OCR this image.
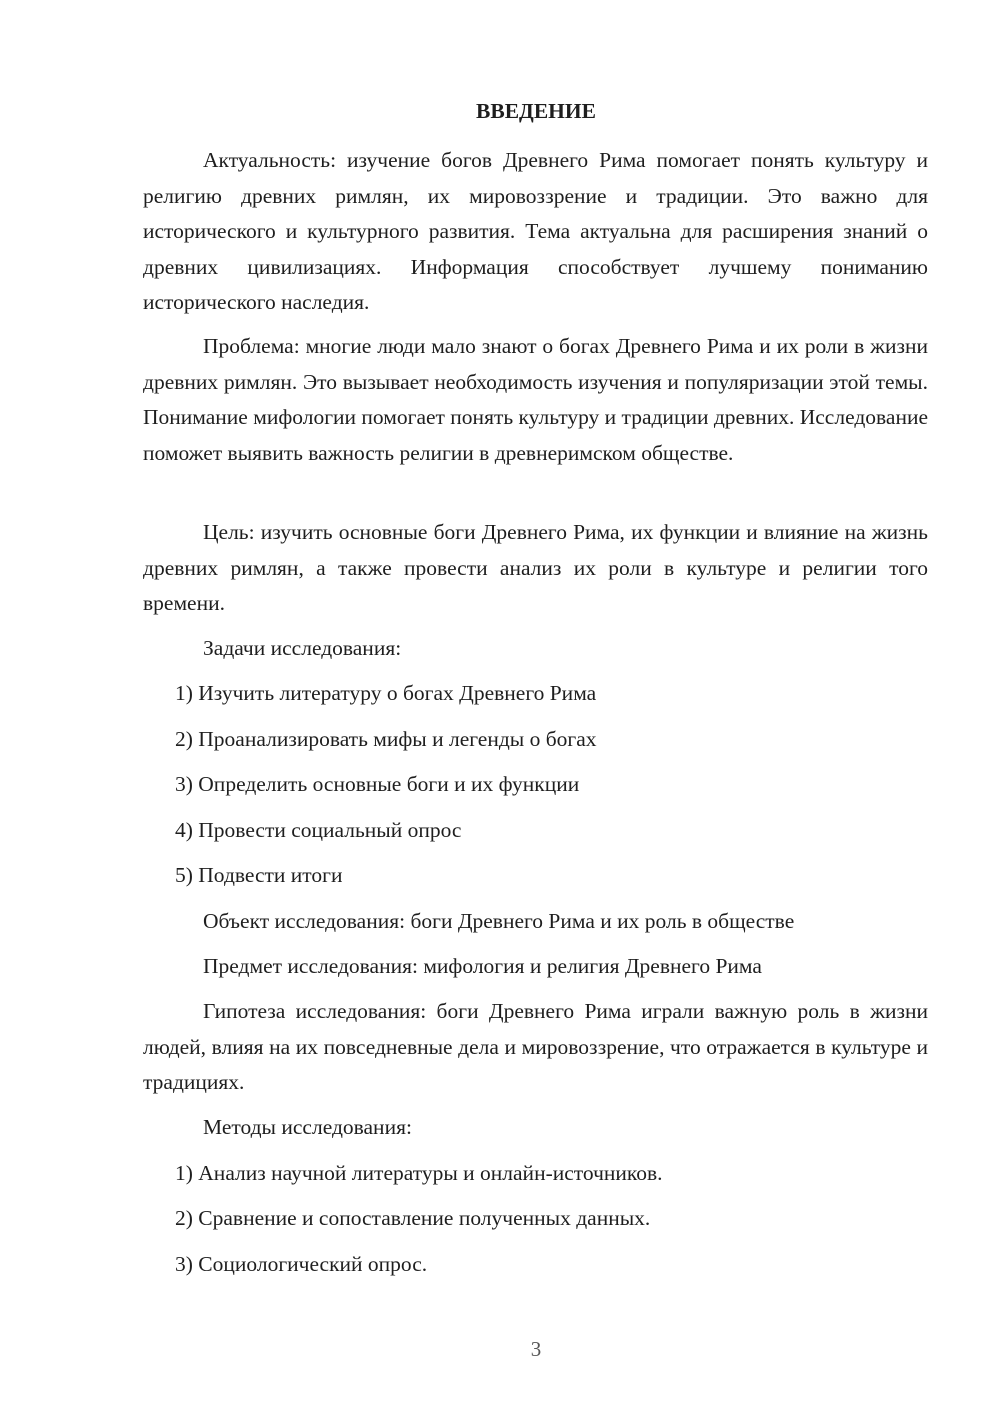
ВВЕДЕНИЕ

Актуальность: изучение богов Древнего Рима помогает понять культуру и религию древних римлян, их мировоззрение и традиции. Это важно для исторического и культурного развития. Тема актуальна для расширения знаний о древних цивилизациях. Информация способствует лучшему пониманию исторического наследия.

Проблема: многие люди мало знают о богах Древнего Рима и их роли в жизни древних римлян. Это вызывает необходимость изучения и популяризации этой темы. Понимание мифологии помогает понять культуру и традиции древних. Исследование поможет выявить важность религии в древнеримском обществе.

Цель: изучить основные боги Древнего Рима, их функции и влияние на жизнь древних римлян, а также провести анализ их роли в культуре и религии того времени.

Задачи исследования:

1) Изучить литературу о богах Древнего Рима

2) Проанализировать мифы и легенды о богах

3) Определить основные боги и их функции

4) Провести социальный опрос

5) Подвести итоги

Объект исследования: боги Древнего Рима и их роль в обществе

Предмет исследования: мифология и религия Древнего Рима

Гипотеза исследования: боги Древнего Рима играли важную роль в жизни людей, влияя на их повседневные дела и мировоззрение, что отражается в культуре и традициях.

Методы исследования:

1) Анализ научной литературы и онлайн-источников.

2) Сравнение и сопоставление полученных данных.

3) Социологический опрос.

3
